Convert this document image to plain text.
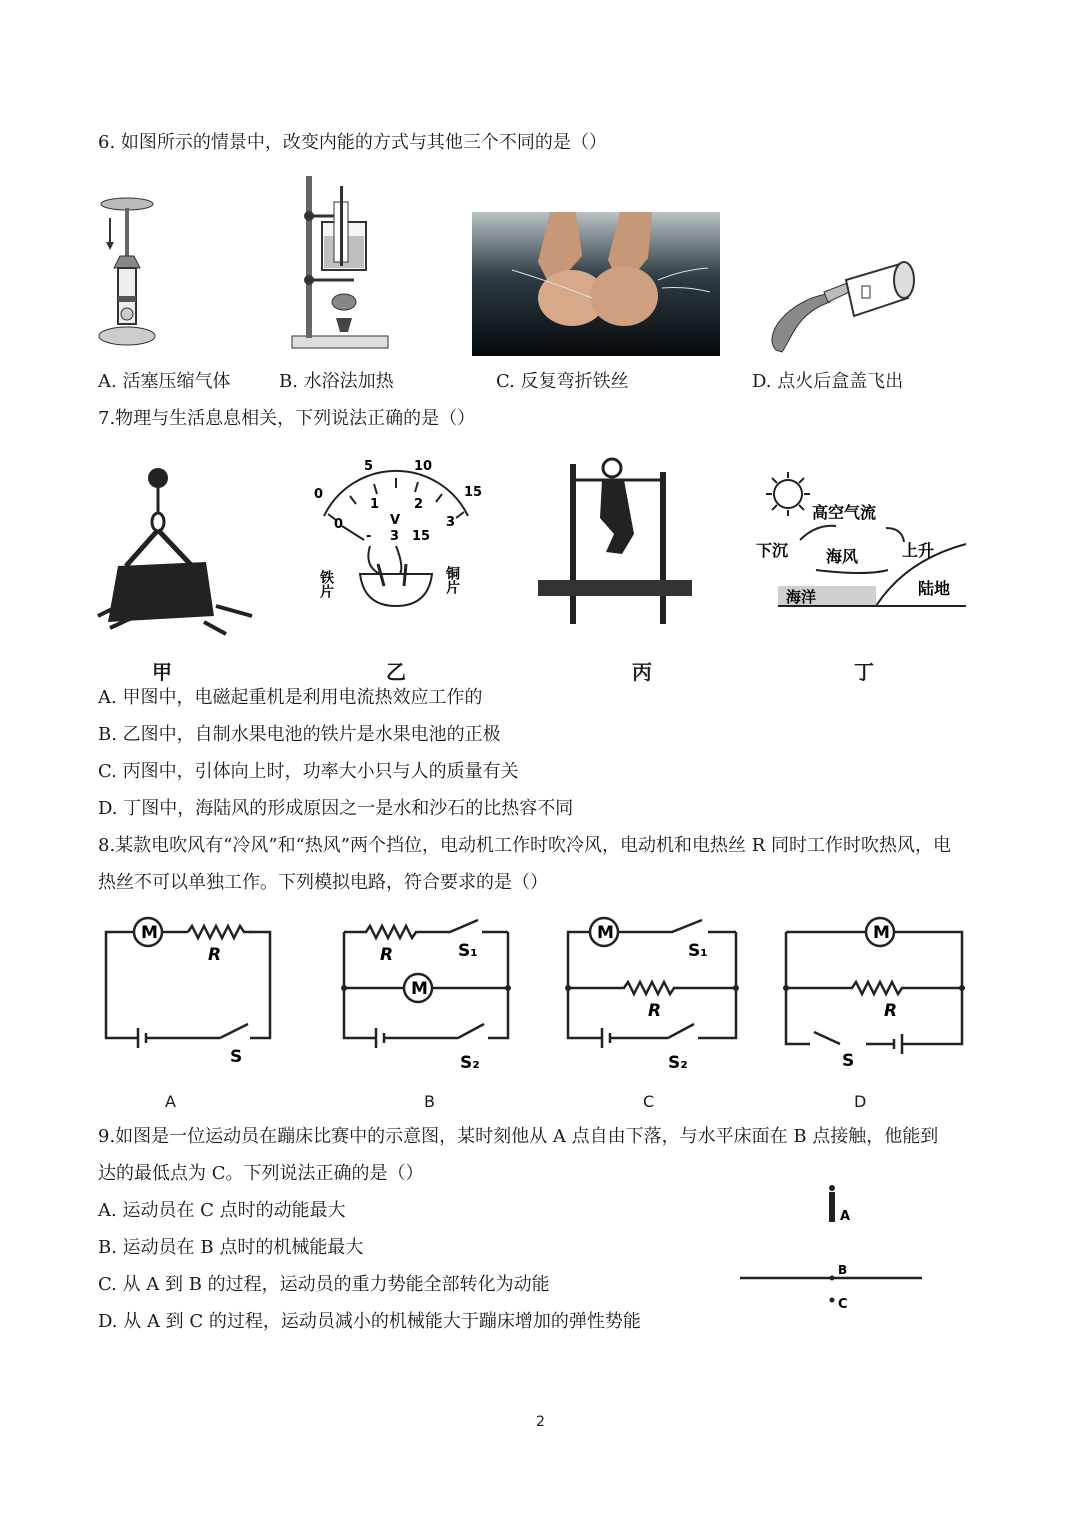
6. 如图所示的情景中，改变内能的方式与其他三个不同的是（）
A. 活塞压缩气体	B. 水浴法加热	C. 反复弯折铁丝	D. 点火后盒盖飞出
7.物理与生活息息相关，下列说法正确的是（）
0
5	10
15
0
1	2
3
V
- 3 15
铁片	铜片
高空气流
下沉 海风	上升
海洋	陆地
甲	乙	丙	丁
A. 甲图中，电磁起重机是利用电流热效应工作的
B. 乙图中，自制水果电池的铁片是水果电池的正极
C. 丙图中，引体向上时，功率大小只与人的质量有关
D. 丁图中，海陆风的形成原因之一是水和沙石的比热容不同
8.某款电吹风有“冷风”和“热风”两个挡位，电动机工作时吹冷风，电动机和电热丝 R 同时工作时吹热风，电
热丝不可以单独工作。下列模拟电路，符合要求的是（）
M
R
S
M
R	S₁
S₂
M
R
S₁
S₂
M
R
S
A	B	C	D
9.如图是一位运动员在蹦床比赛中的示意图，某时刻他从 A 点自由下落，与水平床面在 B 点接触，他能到
达的最低点为 C。下列说法正确的是（）
A. 运动员在 C 点时的动能最大
B. 运动员在 B 点时的机械能最大
C. 从 A 到 B 的过程，运动员的重力势能全部转化为动能
D. 从 A 到 C 的过程，运动员减小的机械能大于蹦床增加的弹性势能
A
B
C
2
